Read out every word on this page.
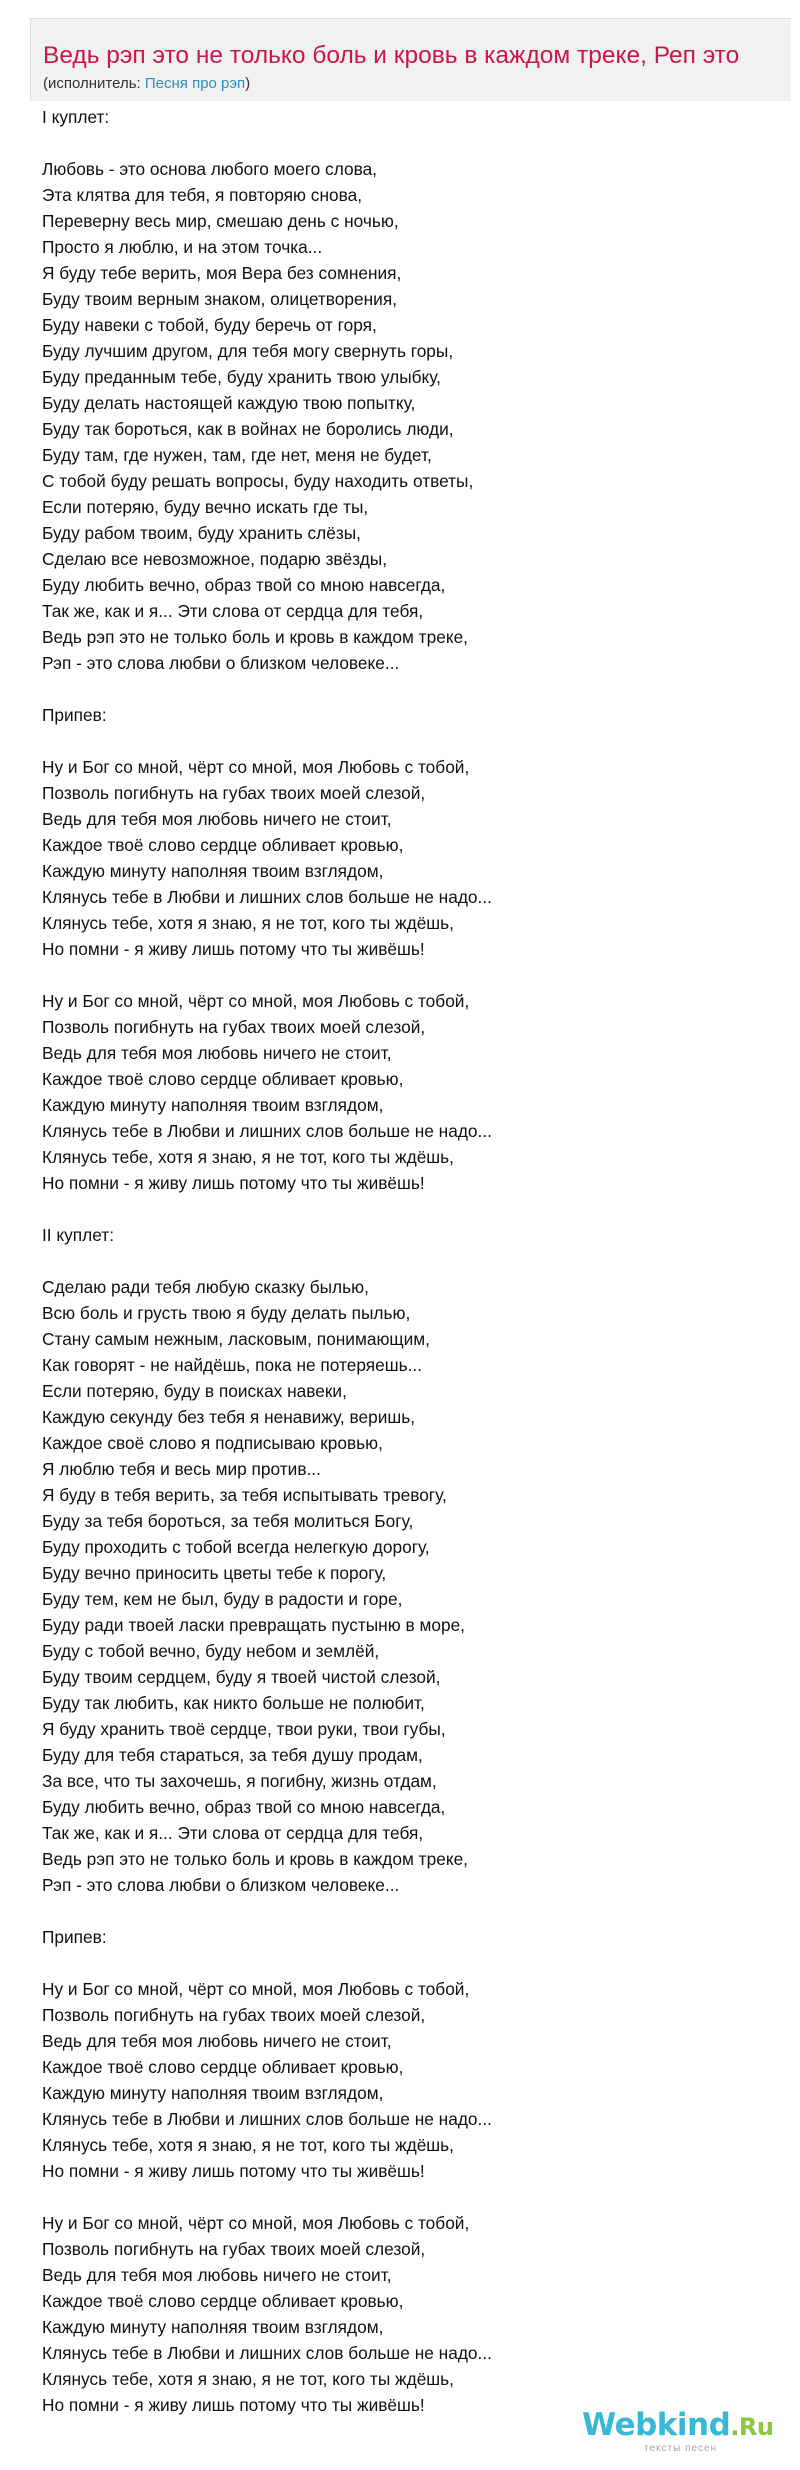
Ведь рэп это не только боль и кровь в каждом треке, Реп это
(исполнитель: Песня про рэп)
I куплет:
Любовь - это основа любого моего слова,
Эта клятва для тебя, я повторяю снова,
Переверну весь мир, смешаю день с ночью,
Просто я люблю, и на этом точка...
Я буду тебе верить, моя Вера без сомнения,
Буду твоим верным знаком, олицетворения,
Буду навеки с тобой, буду беречь от горя,
Буду лучшим другом, для тебя могу свернуть горы,
Буду преданным тебе, буду хранить твою улыбку,
Буду делать настоящей каждую твою попытку,
Буду так бороться, как в войнах не боролись люди,
Буду там, где нужен, там, где нет, меня не будет,
С тобой буду решать вопросы, буду находить ответы,
Если потеряю, буду вечно искать где ты,
Буду рабом твоим, буду хранить слёзы,
Сделаю все невозможное, подарю звёзды,
Буду любить вечно, образ твой со мною навсегда,
Так же, как и я... Эти слова от сердца для тебя,
Ведь рэп это не только боль и кровь в каждом треке,
Рэп - это слова любви о близком человеке...
Припев:
Ну и Бог со мной, чёрт со мной, моя Любовь с тобой,
Позволь погибнуть на губах твоих моей слезой,
Ведь для тебя моя любовь ничего не стоит,
Каждое твоё слово сердце обливает кровью,
Каждую минуту наполняя твоим взглядом,
Клянусь тебе в Любви и лишних слов больше не надо...
Клянусь тебе, хотя я знаю, я не тот, кого ты ждёшь,
Но помни - я живу лишь потому что ты живёшь!
Ну и Бог со мной, чёрт со мной, моя Любовь с тобой,
Позволь погибнуть на губах твоих моей слезой,
Ведь для тебя моя любовь ничего не стоит,
Каждое твоё слово сердце обливает кровью,
Каждую минуту наполняя твоим взглядом,
Клянусь тебе в Любви и лишних слов больше не надо...
Клянусь тебе, хотя я знаю, я не тот, кого ты ждёшь,
Но помни - я живу лишь потому что ты живёшь!
II куплет:
Сделаю ради тебя любую сказку былью,
Всю боль и грусть твою я буду делать пылью,
Стану самым нежным, ласковым, понимающим,
Как говорят - не найдёшь, пока не потеряешь...
Если потеряю, буду в поисках навеки,
Каждую секунду без тебя я ненавижу, веришь,
Каждое своё слово я подписываю кровью,
Я люблю тебя и весь мир против...
Я буду в тебя верить, за тебя испытывать тревогу,
Буду за тебя бороться, за тебя молиться Богу,
Буду проходить с тобой всегда нелегкую дорогу,
Буду вечно приносить цветы тебе к порогу,
Буду тем, кем не был, буду в радости и горе,
Буду ради твоей ласки превращать пустыню в море,
Буду с тобой вечно, буду небом и землёй,
Буду твоим сердцем, буду я твоей чистой слезой,
Буду так любить, как никто больше не полюбит,
Я буду хранить твоё сердце, твои руки, твои губы,
Буду для тебя стараться, за тебя душу продам,
За все, что ты захочешь, я погибну, жизнь отдам,
Буду любить вечно, образ твой со мною навсегда,
Так же, как и я... Эти слова от сердца для тебя,
Ведь рэп это не только боль и кровь в каждом треке,
Рэп - это слова любви о близком человеке...
Припев:
Ну и Бог со мной, чёрт со мной, моя Любовь с тобой,
Позволь погибнуть на губах твоих моей слезой,
Ведь для тебя моя любовь ничего не стоит,
Каждое твоё слово сердце обливает кровью,
Каждую минуту наполняя твоим взглядом,
Клянусь тебе в Любви и лишних слов больше не надо...
Клянусь тебе, хотя я знаю, я не тот, кого ты ждёшь,
Но помни - я живу лишь потому что ты живёшь!
Ну и Бог со мной, чёрт со мной, моя Любовь с тобой,
Позволь погибнуть на губах твоих моей слезой,
Ведь для тебя моя любовь ничего не стоит,
Каждое твоё слово сердце обливает кровью,
Каждую минуту наполняя твоим взглядом,
Клянусь тебе в Любви и лишних слов больше не надо...
Клянусь тебе, хотя я знаю, я не тот, кого ты ждёшь,
Но помни - я живу лишь потому что ты живёшь!
Webkind.Ru
тексты песен
